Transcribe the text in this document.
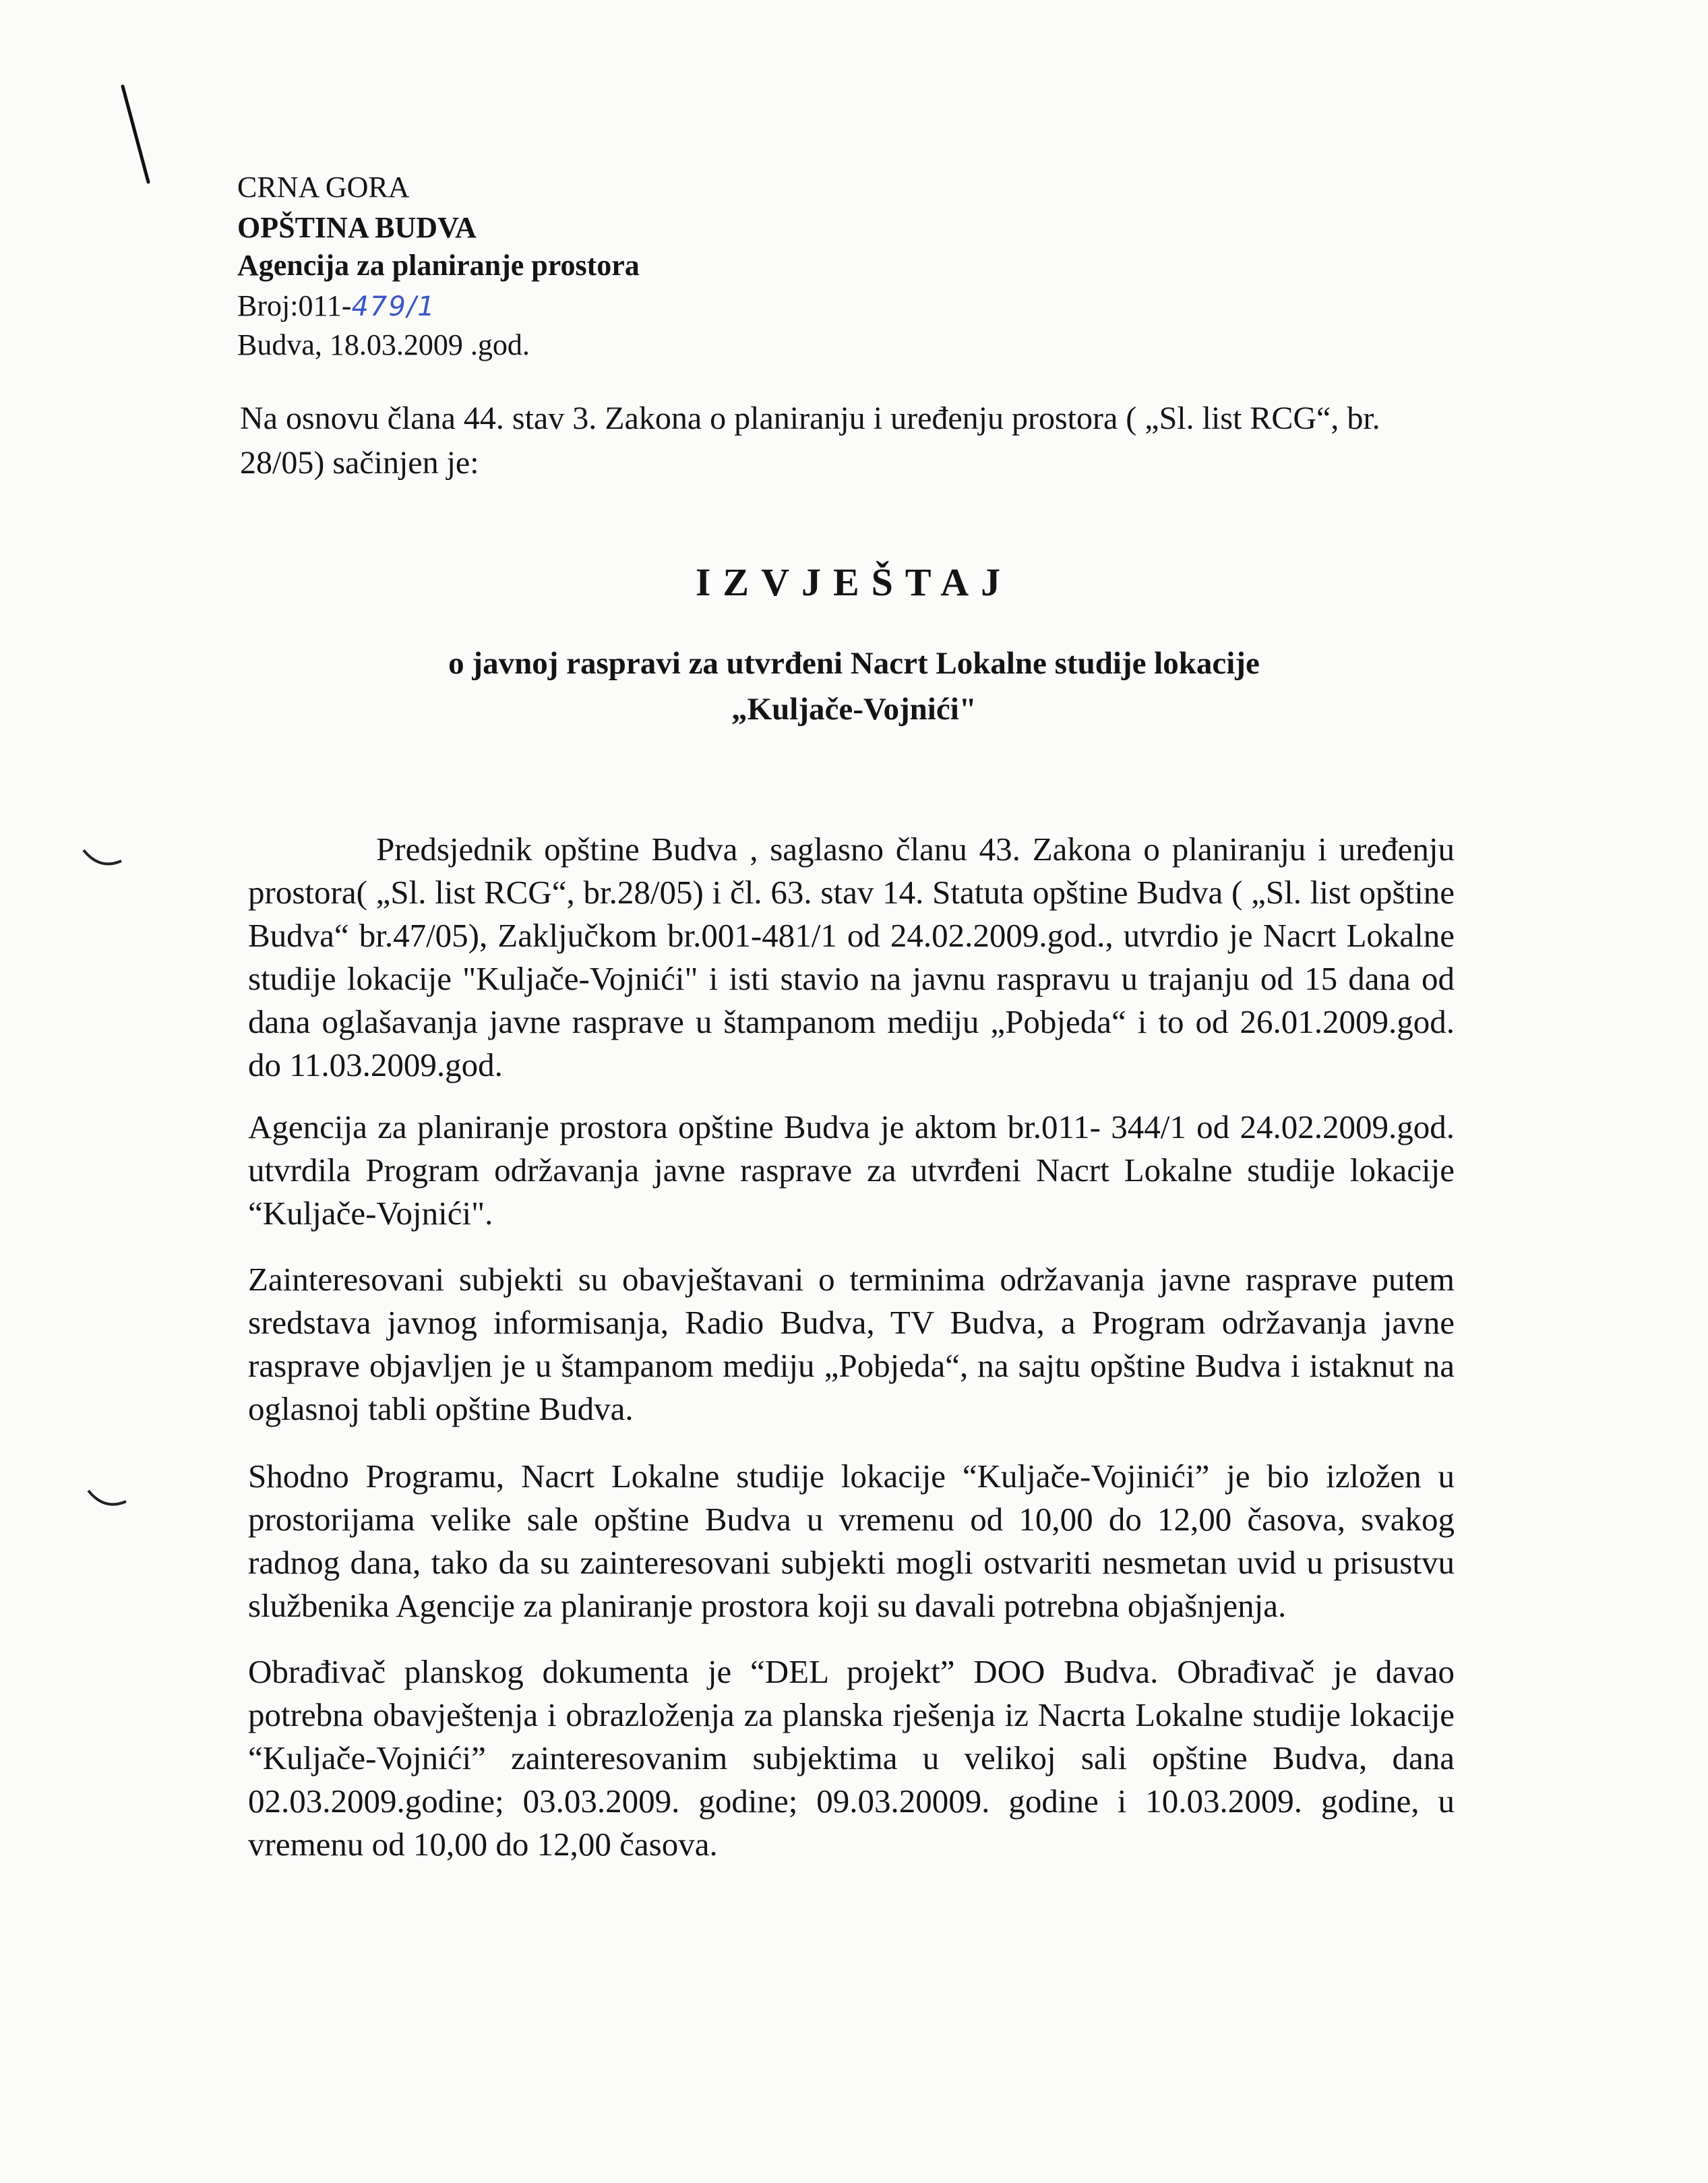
CRNA GORA
OPŠTINA BUDVA
Agencija za planiranje prostora
Broj:011-479/1
Budva, 18.03.2009 .god.
Na osnovu člana 44. stav 3. Zakona o planiranju i uređenju prostora ( „Sl. list RCG“, br. 28/05) sačinjen je:
IZVJEŠTAJ
o javnoj raspravi za utvrđeni Nacrt Lokalne studije lokacije
„Kuljače-Vojnići"
Predsjednik opštine Budva , saglasno članu 43. Zakona o planiranju i uređenju prostora( „Sl. list RCG“, br.28/05) i čl. 63. stav 14. Statuta opštine Budva ( „Sl. list opštine Budva“ br.47/05), Zaključkom br.001-481/1 od 24.02.2009.god., utvrdio je Nacrt Lokalne studije lokacije "Kuljače-Vojnići" i isti stavio na javnu raspravu u trajanju od 15 dana od dana oglašavanja javne rasprave u štampanom mediju „Pobjeda“ i to od 26.01.2009.god. do 11.03.2009.god.
Agencija za planiranje prostora opštine Budva je aktom br.011- 344/1 od 24.02.2009.god. utvrdila Program održavanja javne rasprave za utvrđeni Nacrt Lokalne studije lokacije “Kuljače-Vojnići".
Zainteresovani subjekti su obavještavani o terminima održavanja javne rasprave putem sredstava javnog informisanja, Radio Budva, TV Budva, a Program održavanja javne rasprave objavljen je u štampanom mediju „Pobjeda“, na sajtu opštine Budva i istaknut na oglasnoj tabli opštine Budva.
Shodno Programu, Nacrt Lokalne studije lokacije “Kuljače-Vojinići” je bio izložen u prostorijama velike sale opštine Budva u vremenu od 10,00 do 12,00 časova, svakog radnog dana, tako da su zainteresovani subjekti mogli ostvariti nesmetan uvid u prisustvu službenika Agencije za planiranje prostora koji su davali potrebna objašnjenja.
Obrađivač planskog dokumenta je “DEL projekt” DOO Budva. Obrađivač je davao potrebna obavještenja i obrazloženja za planska rješenja iz Nacrta Lokalne studije lokacije “Kuljače-Vojnići” zainteresovanim subjektima u velikoj sali opštine Budva, dana 02.03.2009.godine; 03.03.2009. godine; 09.03.20009. godine i 10.03.2009. godine, u vremenu od 10,00 do 12,00 časova.
